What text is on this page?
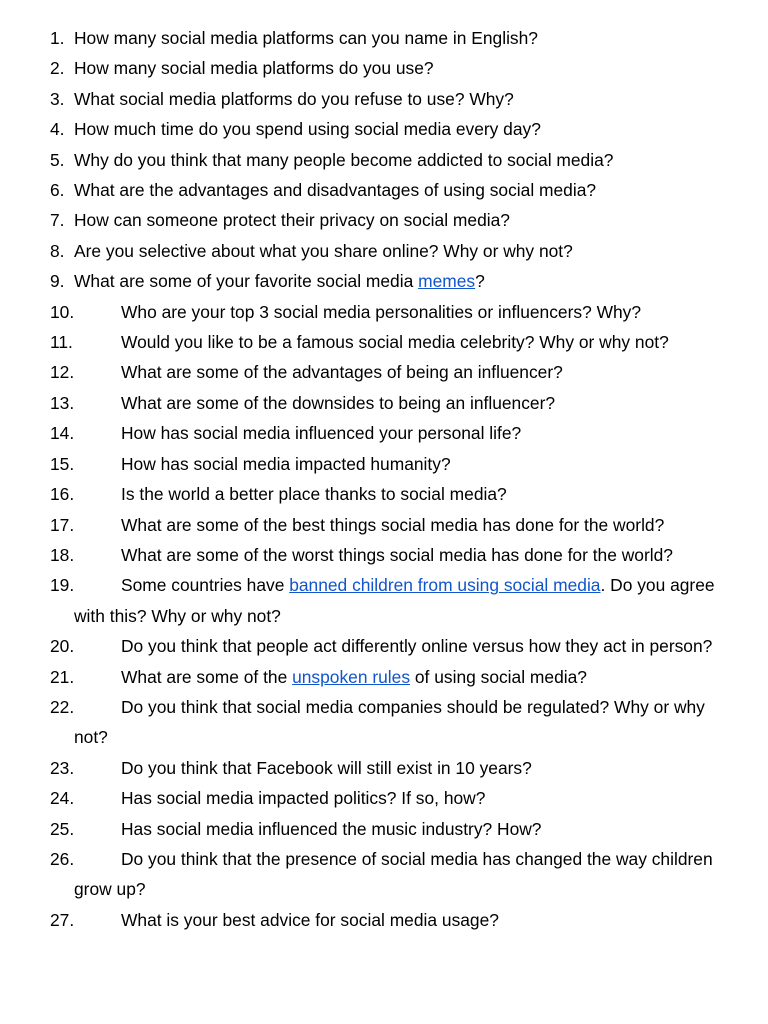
1. How many social media platforms can you name in English?
2. How many social media platforms do you use?
3. What social media platforms do you refuse to use? Why?
4. How much time do you spend using social media every day?
5. Why do you think that many people become addicted to social media?
6. What are the advantages and disadvantages of using social media?
7. How can someone protect their privacy on social media?
8. Are you selective about what you share online? Why or why not?
9. What are some of your favorite social media memes?
10.	Who are your top 3 social media personalities or influencers? Why?
11.	Would you like to be a famous social media celebrity? Why or why not?
12.	What are some of the advantages of being an influencer?
13.	What are some of the downsides to being an influencer?
14.	How has social media influenced your personal life?
15.	How has social media impacted humanity?
16.	Is the world a better place thanks to social media?
17.	What are some of the best things social media has done for the world?
18.	What are some of the worst things social media has done for the world?
19.	Some countries have banned children from using social media. Do you agree with this? Why or why not?
20.	Do you think that people act differently online versus how they act in person?
21.	What are some of the unspoken rules of using social media?
22.	Do you think that social media companies should be regulated? Why or why not?
23.	Do you think that Facebook will still exist in 10 years?
24.	Has social media impacted politics? If so, how?
25.	Has social media influenced the music industry? How?
26.	Do you think that the presence of social media has changed the way children grow up?
27.	What is your best advice for social media usage?
